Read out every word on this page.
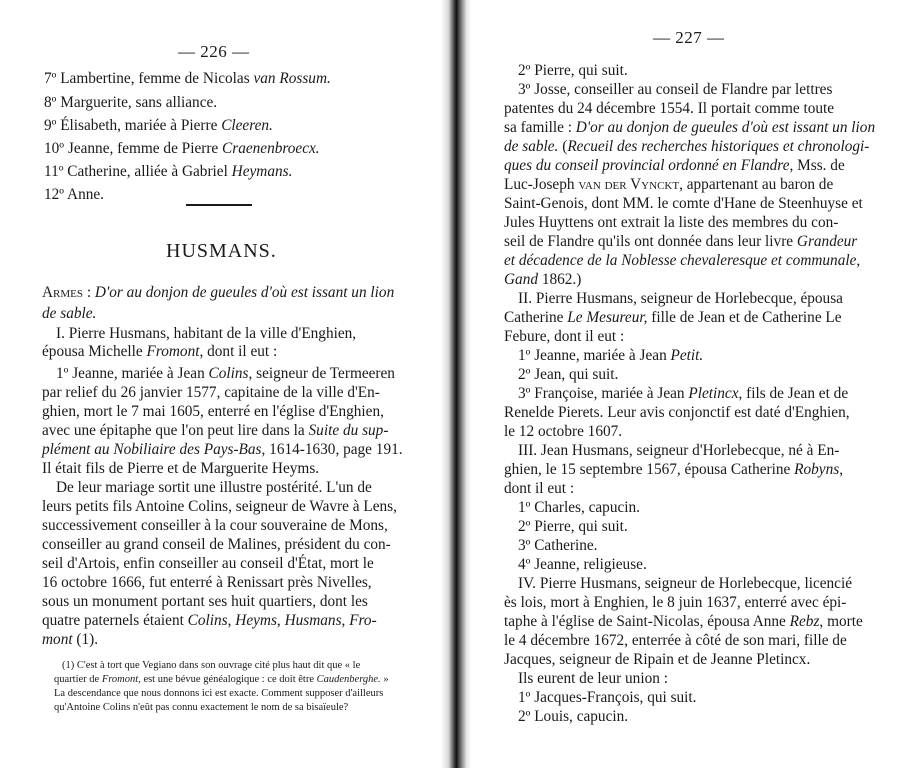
— 226 —
7º Lambertine, femme de Nicolas van Rossum.
8º Marguerite, sans alliance.
9º Élisabeth, mariée à Pierre Cleeren.
10º Jeanne, femme de Pierre Craenenbroecx.
11º Catherine, alliée à Gabriel Heymans.
12º Anne.
HUSMANS.
Armes : D'or au donjon de gueules d'où est issant un lion
de sable.
I. Pierre Husmans, habitant de la ville d'Enghien,
épousa Michelle Fromont, dont il eut :
1º Jeanne, mariée à Jean Colins, seigneur de Termeeren
par relief du 26 janvier 1577, capitaine de la ville d'En-
ghien, mort le 7 mai 1605, enterré en l'église d'Enghien,
avec une épitaphe que l'on peut lire dans la Suite du sup-
plément au Nobiliaire des Pays-Bas, 1614-1630, page 191.
Il était fils de Pierre et de Marguerite Heyms.
De leur mariage sortit une illustre postérité. L'un de
leurs petits fils Antoine Colins, seigneur de Wavre à Lens,
successivement conseiller à la cour souveraine de Mons,
conseiller au grand conseil de Malines, président du con-
seil d'Artois, enfin conseiller au conseil d'État, mort le
16 octobre 1666, fut enterré à Renissart près Nivelles,
sous un monument portant ses huit quartiers, dont les
quatre paternels étaient Colins, Heyms, Husmans, Fro-
mont (1).
(1) C'est à tort que Vegiano dans son ouvrage cité plus haut dit que « le
quartier de Fromont, est une bévue généalogique : ce doit être Caudenberghe. »
La descendance que nous donnons ici est exacte. Comment supposer d'ailleurs
qu'Antoine Colins n'eût pas connu exactement le nom de sa bisaïeule?
— 227 —
2º Pierre, qui suit.
3º Josse, conseiller au conseil de Flandre par lettres
patentes du 24 décembre 1554. Il portait comme toute
sa famille : D'or au donjon de gueules d'où est issant un lion
de sable. (Recueil des recherches historiques et chronologi-
ques du conseil provincial ordonné en Flandre, Mss. de
Luc-Joseph van der Vynckt, appartenant au baron de
Saint-Genois, dont MM. le comte d'Hane de Steenhuyse et
Jules Huyttens ont extrait la liste des membres du con-
seil de Flandre qu'ils ont donnée dans leur livre Grandeur
et décadence de la Noblesse chevaleresque et communale,
Gand 1862.)
II. Pierre Husmans, seigneur de Horlebecque, épousa
Catherine Le Mesureur, fille de Jean et de Catherine Le
Febure, dont il eut :
1º Jeanne, mariée à Jean Petit.
2º Jean, qui suit.
3º Françoise, mariée à Jean Pletincx, fils de Jean et de
Renelde Pierets. Leur avis conjonctif est daté d'Enghien,
le 12 octobre 1607.
III. Jean Husmans, seigneur d'Horlebecque, né à En-
ghien, le 15 septembre 1567, épousa Catherine Robyns,
dont il eut :
1º Charles, capucin.
2º Pierre, qui suit.
3º Catherine.
4º Jeanne, religieuse.
IV. Pierre Husmans, seigneur de Horlebecque, licencié
ès lois, mort à Enghien, le 8 juin 1637, enterré avec épi-
taphe à l'église de Saint-Nicolas, épousa Anne Rebz, morte
le 4 décembre 1672, enterrée à côté de son mari, fille de
Jacques, seigneur de Ripain et de Jeanne Pletincx.
Ils eurent de leur union :
1º Jacques-François, qui suit.
2º Louis, capucin.
